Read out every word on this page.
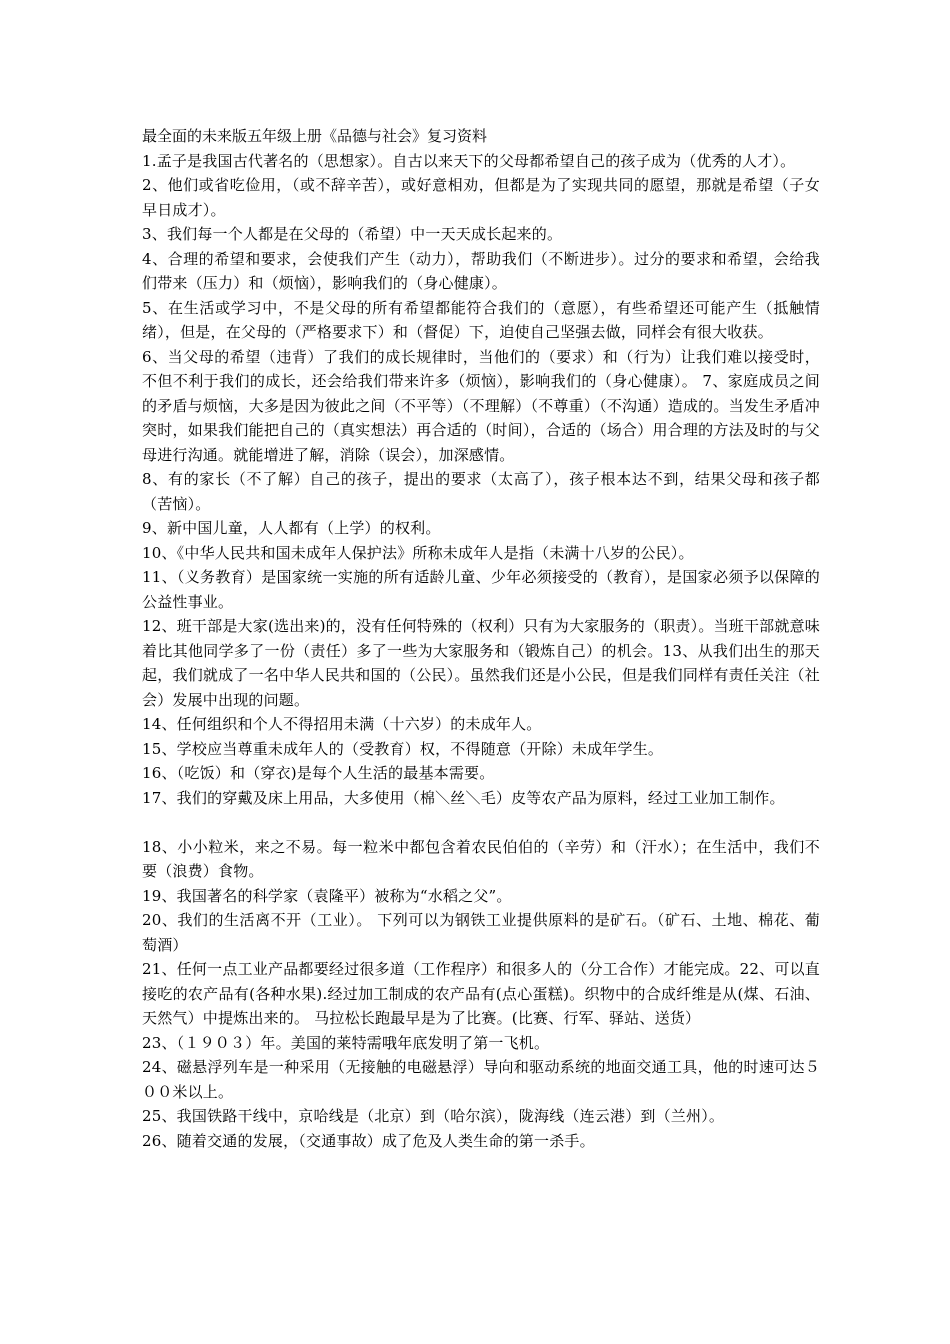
最全面的未来版五年级上册《品德与社会》复习资料

1.孟子是我国古代著名的（思想家）。自古以来天下的父母都希望自己的孩子成为（优秀的人才）。

2、他们或省吃俭用，（或不辞辛苦），或好意相劝，但都是为了实现共同的愿望，那就是希望（子女早日成才）。

3、我们每一个人都是在父母的（希望）中一天天成长起来的。

4、合理的希望和要求，会使我们产生（动力），帮助我们（不断进步）。过分的要求和希望，会给我们带来（压力）和（烦恼），影响我们的（身心健康）。

5、在生活或学习中，不是父母的所有希望都能符合我们的（意愿），有些希望还可能产生（抵触情绪），但是，在父母的（严格要求下）和（督促）下，迫使自己坚强去做，同样会有很大收获。

6、当父母的希望（违背）了我们的成长规律时，当他们的（要求）和（行为）让我们难以接受时，不但不利于我们的成长，还会给我们带来许多（烦恼），影响我们的（身心健康）。 7、家庭成员之间的矛盾与烦恼，大多是因为彼此之间（不平等）（不理解）（不尊重）（不沟通）造成的。当发生矛盾冲突时，如果我们能把自己的（真实想法）再合适的（时间），合适的（场合）用合理的方法及时的与父母进行沟通。就能增进了解，消除（误会），加深感情。

8、有的家长（不了解）自己的孩子，提出的要求（太高了），孩子根本达不到，结果父母和孩子都（苦恼）。

9、新中国儿童，人人都有（上学）的权利。

10、《中华人民共和国未成年人保护法》所称未成年人是指（未满十八岁的公民）。

11、（义务教育）是国家统一实施的所有适龄儿童、少年必须接受的（教育），是国家必须予以保障的公益性事业。

12、班干部是大家(选出来)的，没有任何特殊的（权利）只有为大家服务的（职责）。当班干部就意味着比其他同学多了一份（责任）多了一些为大家服务和（锻炼自己）的机会。13、从我们出生的那天起，我们就成了一名中华人民共和国的（公民）。虽然我们还是小公民，但是我们同样有责任关注（社会）发展中出现的问题。

14、任何组织和个人不得招用未满（十六岁）的未成年人。

15、学校应当尊重未成年人的（受教育）权，不得随意（开除）未成年学生。

16、（吃饭）和（穿衣)是每个人生活的最基本需要。

17、我们的穿戴及床上用品，大多使用（棉＼丝＼毛）皮等农产品为原料，经过工业加工制作。

18、小小粒米，来之不易。每一粒米中都包含着农民伯伯的（辛劳）和（汗水）；在生活中，我们不要（浪费）食物。

19、我国著名的科学家（袁隆平）被称为“水稻之父”。

20、我们的生活离不开（工业）。 下列可以为钢铁工业提供原料的是矿石。（矿石、土地、棉花、葡萄酒）

21、任何一点工业产品都要经过很多道（工作程序）和很多人的（分工合作）才能完成。22、可以直接吃的农产品有(各种水果).经过加工制成的农产品有(点心蛋糕)。织物中的合成纤维是从(煤、石油、天然气）中提炼出来的。 马拉松长跑最早是为了比赛。(比赛、行军、驿站、送货）

23、（１９０３）年。美国的莱特需哦年底发明了第一飞机。

24、磁悬浮列车是一种采用（无接触的电磁悬浮）导向和驱动系统的地面交通工具，他的时速可达５００米以上。

25、我国铁路干线中，京哈线是（北京）到（哈尔滨），陇海线（连云港）到（兰州）。

26、随着交通的发展，（交通事故）成了危及人类生命的第一杀手。
